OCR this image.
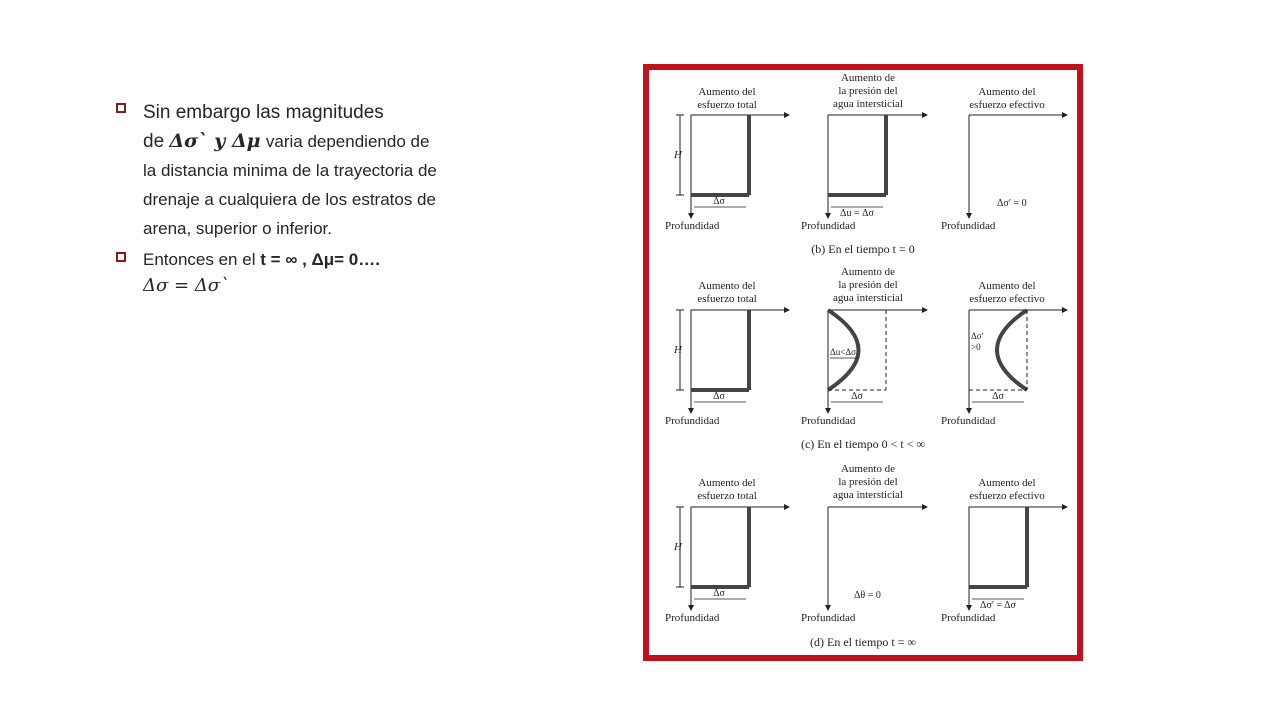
Sin embargo las magnitudes
de Δσ` y Δμ varia dependiendo de la distancia minima de la trayectoria de drenaje a cualquiera de los estratos de arena, superior o inferior.
Entonces en el t = ∞ , Δμ= 0….
Δσ = Δσ`
Aumento del
esfuerzo total
Aumento de
la presión del
agua intersticial
Aumento del
esfuerzo efectivo
H
Δσ
Profundidad
Δu = Δσ
Profundidad
Δσ′ = 0
Profundidad
(b) En el tiempo t = 0
Aumento del
esfuerzo total
Aumento de
la presión del
agua intersticial
Aumento del
esfuerzo efectivo
H
Δσ
Profundidad
Δu<Δσ
Δσ
Profundidad
Δσ′
>0
Δσ
Profundidad
(c) En el tiempo 0 < t < ∞
Aumento del
esfuerzo total
Aumento de
la presión del
agua intersticial
Aumento del
esfuerzo efectivo
H
Δσ
Profundidad
Δθ = 0
Profundidad
Δσ′ = Δσ
Profundidad
(d) En el tiempo t = ∞
